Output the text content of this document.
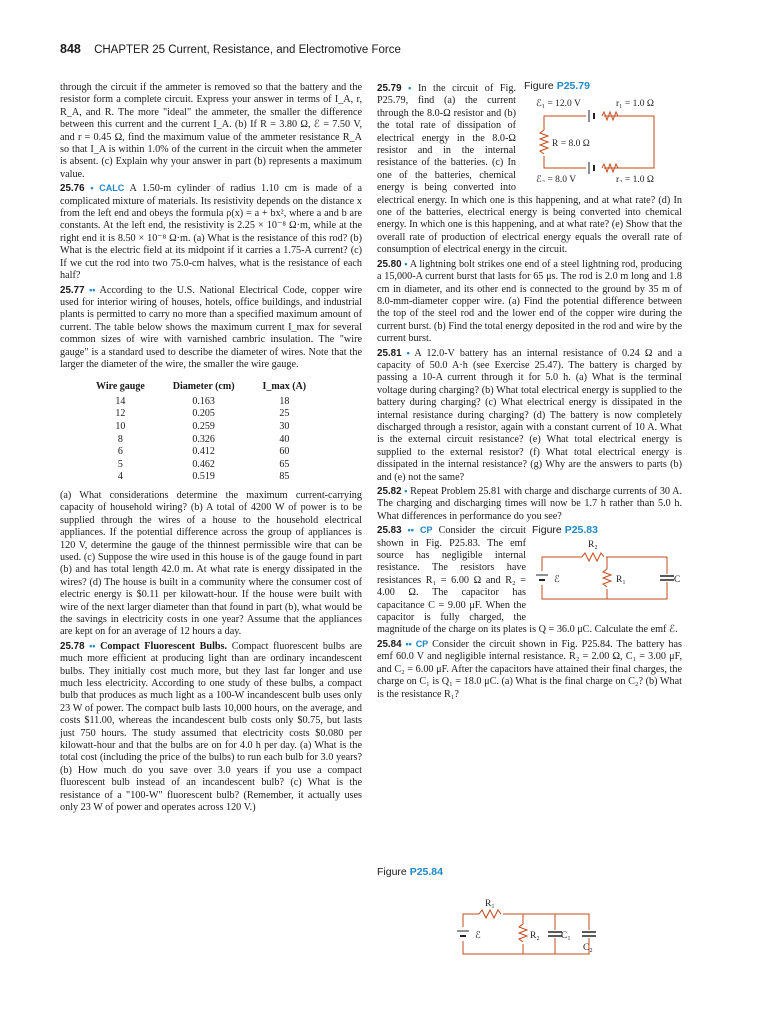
848 CHAPTER 25 Current, Resistance, and Electromotive Force

through the circuit if the ammeter is removed so that the battery and the resistor form a complete circuit. Express your answer in terms of I_A, r, R_A, and R. The more "ideal" the ammeter, the smaller the difference between this current and the current I_A. (b) If R = 3.80 Ω, ℰ = 7.50 V, and r = 0.45 Ω, find the maximum value of the ammeter resistance R_A so that I_A is within 1.0% of the current in the circuit when the ammeter is absent. (c) Explain why your answer in part (b) represents a maximum value.

25.76 • CALC A 1.50-m cylinder of radius 1.10 cm is made of a complicated mixture of materials. Its resistivity depends on the distance x from the left end and obeys the formula ρ(x) = a + bx², where a and b are constants. At the left end, the resistivity is 2.25 × 10⁻⁸ Ω·m, while at the right end it is 8.50 × 10⁻⁸ Ω·m. (a) What is the resistance of this rod? (b) What is the electric field at its midpoint if it carries a 1.75-A current? (c) If we cut the rod into two 75.0-cm halves, what is the resistance of each half?

25.77 •• According to the U.S. National Electrical Code, copper wire used for interior wiring of houses, hotels, office buildings, and industrial plants is permitted to carry no more than a specified maximum amount of current. The table below shows the maximum current I_max for several common sizes of wire with varnished cambric insulation. The "wire gauge" is a standard used to describe the diameter of wires. Note that the larger the diameter of the wire, the smaller the wire gauge.

Wire gauge	Diameter (cm)	I_max (A)
14	0.163	18
12	0.205	25
10	0.259	30
8	0.326	40
6	0.412	60
5	0.462	65
4	0.519	85

(a) What considerations determine the maximum current-carrying capacity of household wiring? (b) A total of 4200 W of power is to be supplied through the wires of a house to the household electrical appliances. If the potential difference across the group of appliances is 120 V, determine the gauge of the thinnest permissible wire that can be used. (c) Suppose the wire used in this house is of the gauge found in part (b) and has total length 42.0 m. At what rate is energy dissipated in the wires? (d) The house is built in a community where the consumer cost of electric energy is $0.11 per kilowatt-hour. If the house were built with wire of the next larger diameter than that found in part (b), what would be the savings in electricity costs in one year? Assume that the appliances are kept on for an average of 12 hours a day.

25.78 •• Compact Fluorescent Bulbs. Compact fluorescent bulbs are much more efficient at producing light than are ordinary incandescent bulbs. They initially cost much more, but they last far longer and use much less electricity. According to one study of these bulbs, a compact bulb that produces as much light as a 100-W incandescent bulb uses only 23 W of power. The compact bulb lasts 10,000 hours, on the average, and costs $11.00, whereas the incandescent bulb costs only $0.75, but lasts just 750 hours. The study assumed that electricity costs $0.080 per kilowatt-hour and that the bulbs are on for 4.0 h per day. (a) What is the total cost (including the price of the bulbs) to run each bulb for 3.0 years? (b) How much do you save over 3.0 years if you use a compact fluorescent bulb instead of an incandescent bulb? (c) What is the resistance of a "100-W" fluorescent bulb? (Remember, it actually uses only 23 W of power and operates across 120 V.)

Figure P25.79
ℰ₁ = 12.0 V	r₁ = 1.0 Ω
R = 8.0 Ω
ℰ₂ = 8.0 V	r₂ = 1.0 Ω

25.79 • In the circuit of Fig. P25.79, find (a) the current through the 8.0-Ω resistor and (b) the total rate of dissipation of electrical energy in the 8.0-Ω resistor and in the internal resistance of the batteries. (c) In one of the batteries, chemical energy is being converted into electrical energy. In which one is this happening, and at what rate? (d) In one of the batteries, electrical energy is being converted into chemical energy. In which one is this happening, and at what rate? (e) Show that the overall rate of production of electrical energy equals the overall rate of consumption of electrical energy in the circuit.

25.80 • A lightning bolt strikes one end of a steel lightning rod, producing a 15,000-A current burst that lasts for 65 μs. The rod is 2.0 m long and 1.8 cm in diameter, and its other end is connected to the ground by 35 m of 8.0-mm-diameter copper wire. (a) Find the potential difference between the top of the steel rod and the lower end of the copper wire during the current burst. (b) Find the total energy deposited in the rod and wire by the current burst.

25.81 • A 12.0-V battery has an internal resistance of 0.24 Ω and a capacity of 50.0 A·h (see Exercise 25.47). The battery is charged by passing a 10-A current through it for 5.0 h. (a) What is the terminal voltage during charging? (b) What total electrical energy is supplied to the battery during charging? (c) What electrical energy is dissipated in the internal resistance during charging? (d) The battery is now completely discharged through a resistor, again with a constant current of 10 A. What is the external circuit resistance? (e) What total electrical energy is supplied to the external resistor? (f) What total electrical energy is dissipated in the internal resistance? (g) Why are the answers to parts (b) and (e) not the same?

25.82 • Repeat Problem 25.81 with charge and discharge currents of 30 A. The charging and discharging times will now be 1.7 h rather than 5.0 h. What differences in performance do you see?

Figure P25.83
R₂
ℰ	R₁	C

25.83 •• CP Consider the circuit shown in Fig. P25.83. The emf source has negligible internal resistance. The resistors have resistances R₁ = 6.00 Ω and R₂ = 4.00 Ω. The capacitor has capacitance C = 9.00 μF. When the capacitor is fully charged, the magnitude of the charge on its plates is Q = 36.0 μC. Calculate the emf ℰ.

25.84 •• CP Consider the circuit shown in Fig. P25.84. The battery has emf 60.0 V and negligible internal resistance. R₂ = 2.00 Ω, C₁ = 3.00 μF, and C₂ = 6.00 μF. After the capacitors have attained their final charges, the charge on C₁ is Q₁ = 18.0 μC. (a) What is the final charge on C₂? (b) What is the resistance R₁?

Figure P25.84
R₁
ℰ	R₂ C₁
C₂
